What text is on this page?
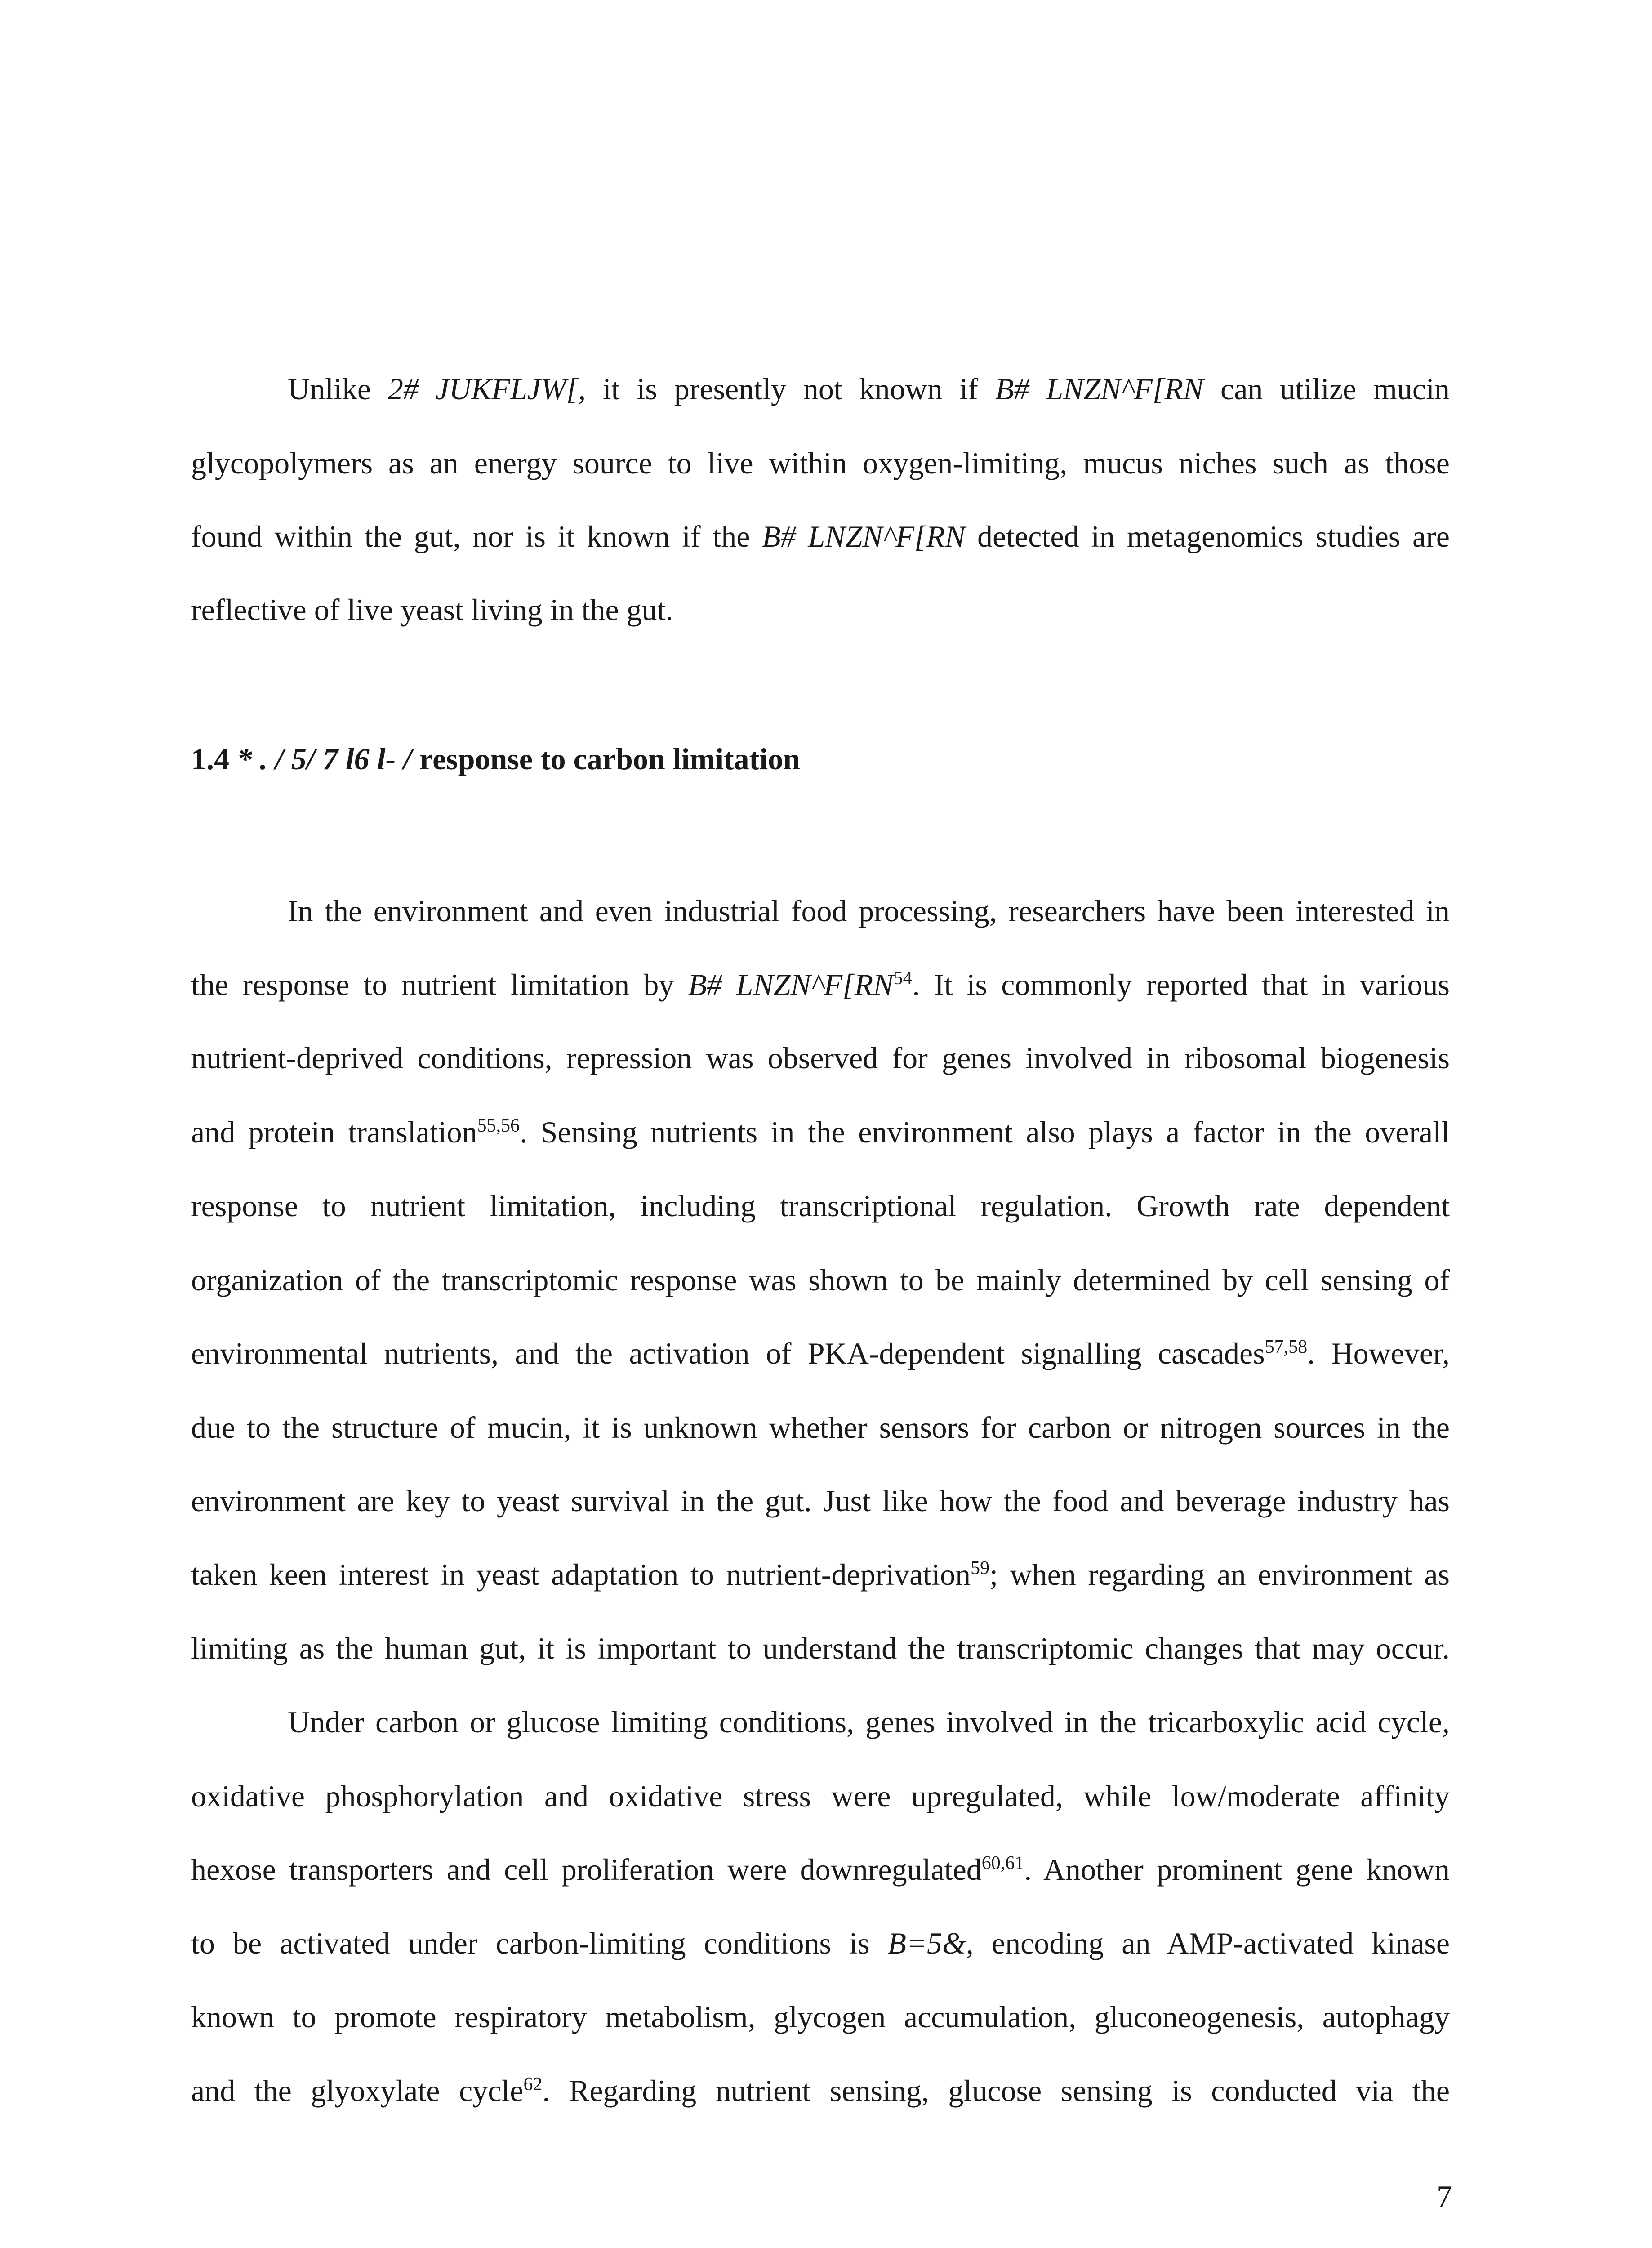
Unlike 2# JUKFLJW[, it is presently not known if B# LNZN^F[RN can utilize mucin
glycopolymers as an energy source to live within oxygen-limiting, mucus niches such as those
found within the gut, nor is it known if the B# LNZN^F[RN detected in metagenomics studies are
reflective of live yeast living in the gut.
1.4 * . / 5/ 7 l6 l- / response to carbon limitation
In the environment and even industrial food processing, researchers have been interested in
the response to nutrient limitation by B# LNZN^F[RN$^{54}$. It is commonly reported that in various
nutrient-deprived conditions, repression was observed for genes involved in ribosomal biogenesis
and protein translation$^{55,56}$. Sensing nutrients in the environment also plays a factor in the overall
response to nutrient limitation, including transcriptional regulation. Growth rate dependent
organization of the transcriptomic response was shown to be mainly determined by cell sensing of
environmental nutrients, and the activation of PKA-dependent signalling cascades$^{57,58}$. However,
due to the structure of mucin, it is unknown whether sensors for carbon or nitrogen sources in the
environment are key to yeast survival in the gut. Just like how the food and beverage industry has
taken keen interest in yeast adaptation to nutrient-deprivation$^{59}$; when regarding an environment as
limiting as the human gut, it is important to understand the transcriptomic changes that may occur.
Under carbon or glucose limiting conditions, genes involved in the tricarboxylic acid cycle,
oxidative phosphorylation and oxidative stress were upregulated, while low/moderate affinity
hexose transporters and cell proliferation were downregulated$^{60,61}$. Another prominent gene known
to be activated under carbon-limiting conditions is B=5&, encoding an AMP-activated kinase
known to promote respiratory metabolism, glycogen accumulation, gluconeogenesis, autophagy
and the glyoxylate cycle$^{62}$. Regarding nutrient sensing, glucose sensing is conducted via the
7
